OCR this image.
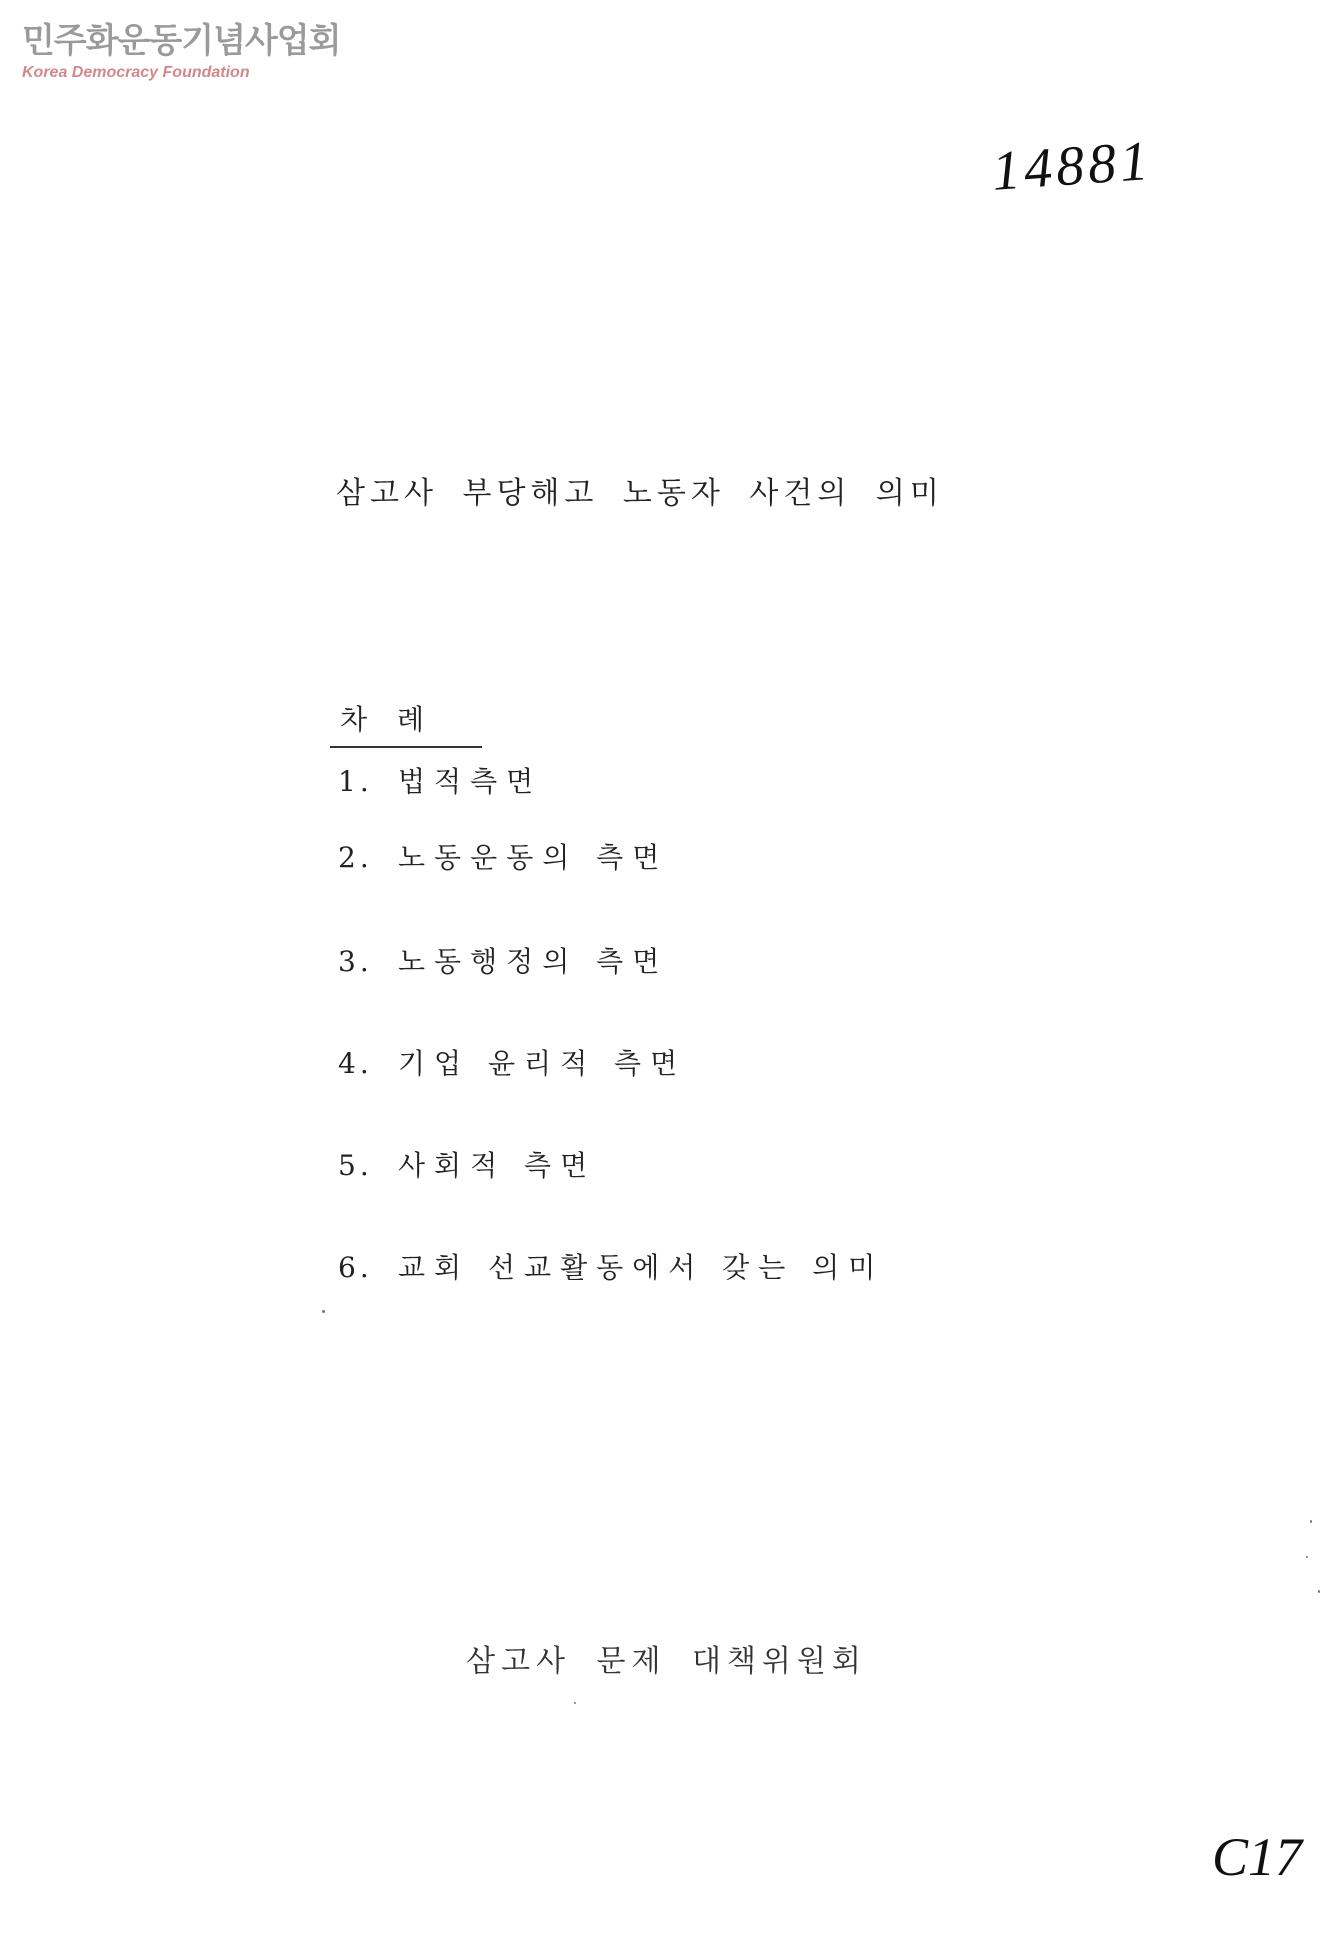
민주화운동기념사업회
Korea Democracy Foundation
14881
삼고사 부당해고 노동자 사건의 의미
차례
1. 법적측면
2. 노동운동의 측면
3. 노동행정의 측면
4. 기업 윤리적 측면
5. 사회적 측면
6. 교회 선교활동에서 갖는 의미
삼고사 문제 대책위원회
C17
